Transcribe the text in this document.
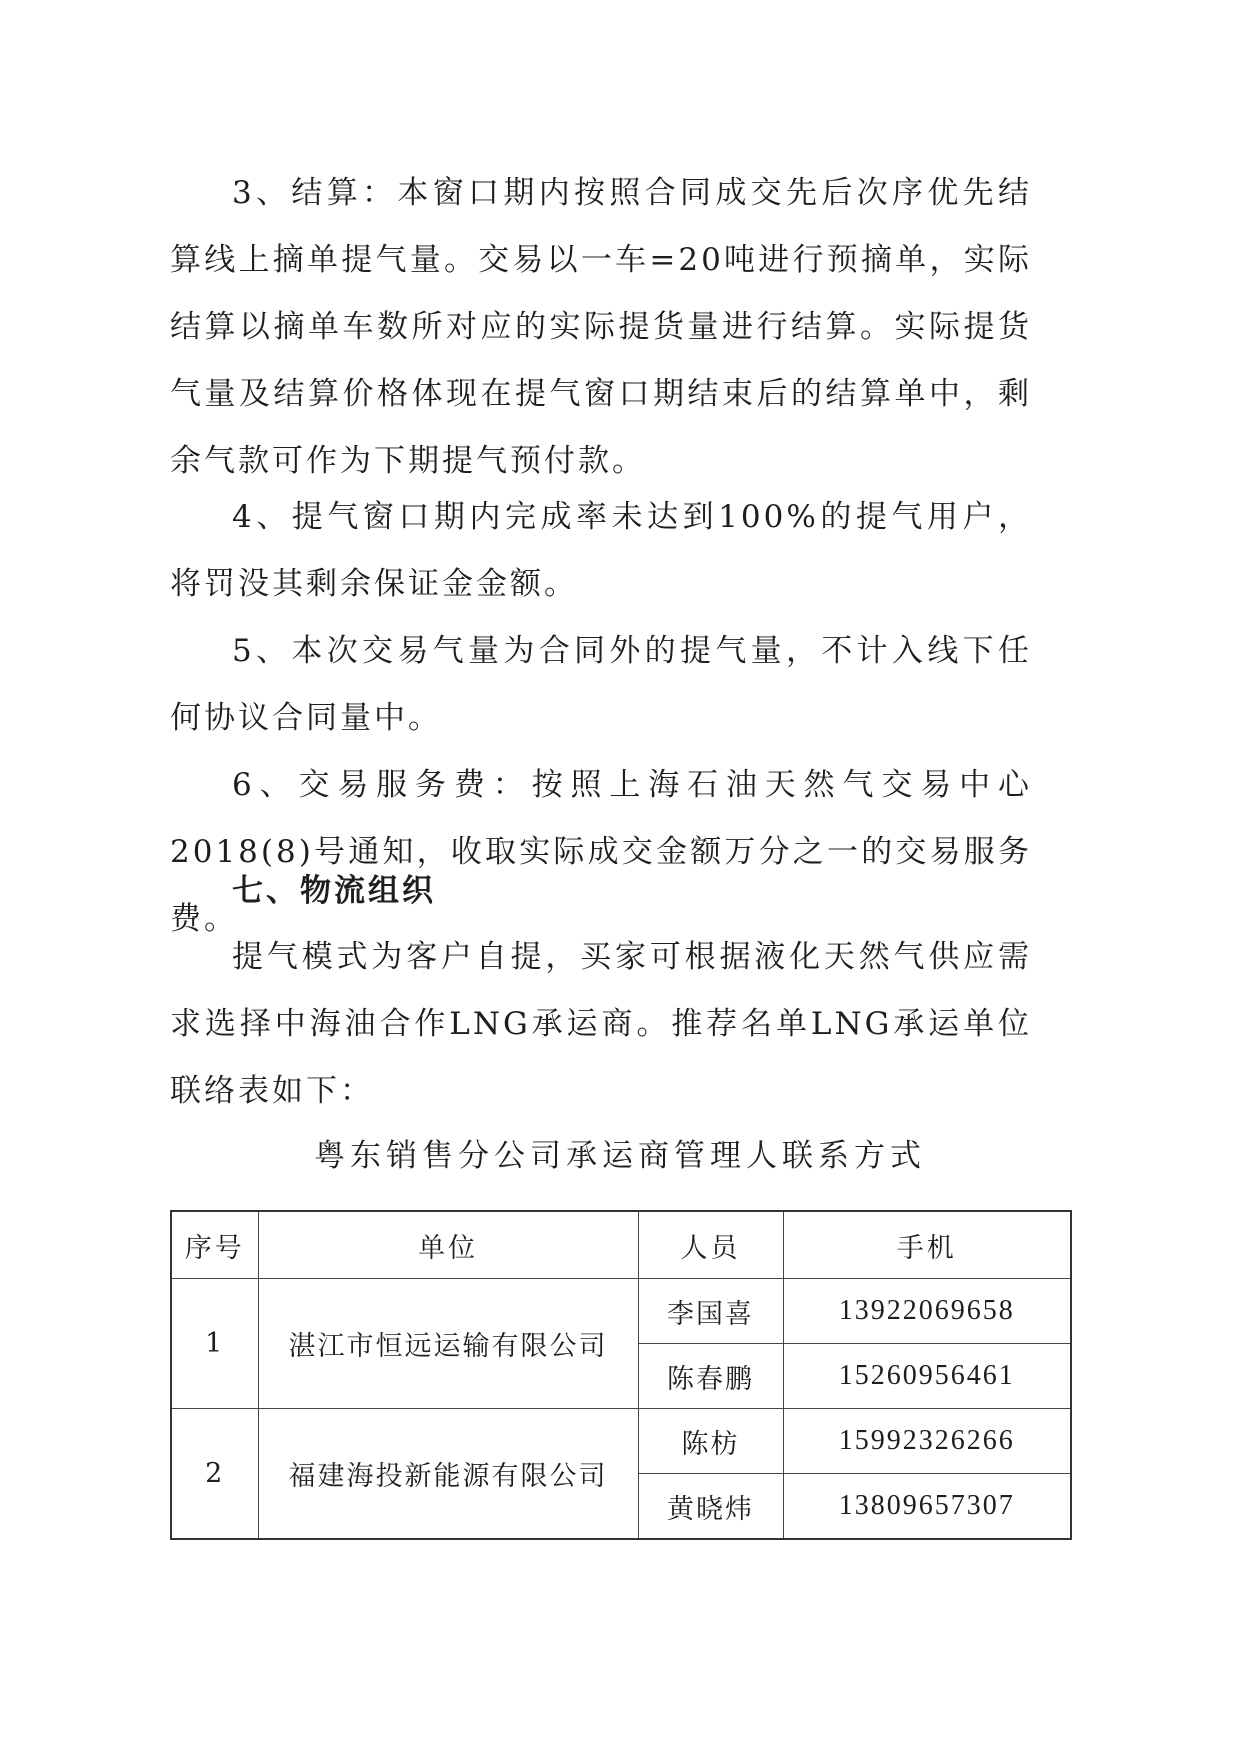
3、结算：本窗口期内按照合同成交先后次序优先结算线上摘单提气量。交易以一车=20吨进行预摘单，实际结算以摘单车数所对应的实际提货量进行结算。实际提货气量及结算价格体现在提气窗口期结束后的结算单中，剩余气款可作为下期提气预付款。

4、提气窗口期内完成率未达到100%的提气用户，将罚没其剩余保证金金额。

5、本次交易气量为合同外的提气量，不计入线下任何协议合同量中。

6、交易服务费：按照上海石油天然气交易中心2018(8)号通知，收取实际成交金额万分之一的交易服务费。

七、物流组织

提气模式为客户自提，买家可根据液化天然气供应需求选择中海油合作LNG承运商。推荐名单LNG承运单位联络表如下：

粤东销售分公司承运商管理人联系方式

序号	单位	人员	手机
1	湛江市恒远运输有限公司	李国喜	13922069658
		陈春鹏	15260956461
2	福建海投新能源有限公司	陈枋	15992326266
		黄晓炜	13809657307
